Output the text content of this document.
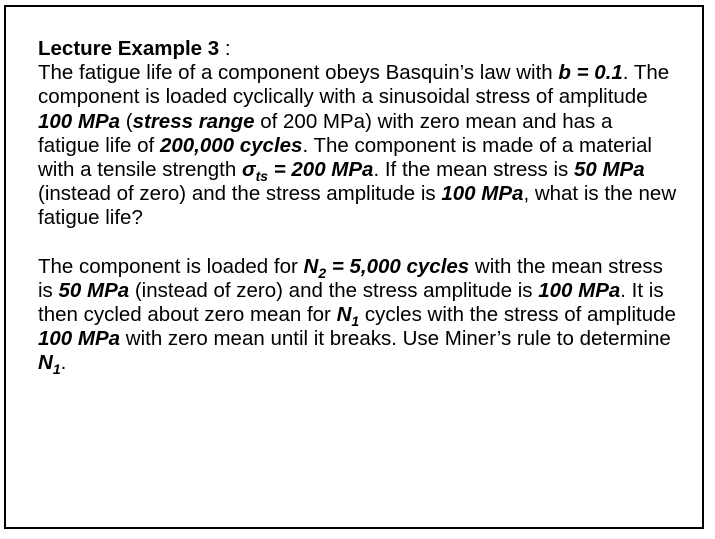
Lecture Example 3 :
The fatigue life of a component obeys Basquin’s law with b = 0.1. The component is loaded cyclically with a sinusoidal stress of amplitude 100 MPa (stress range of 200 MPa) with zero mean and has a fatigue life of 200,000 cycles. The component is made of a material with a tensile strength $\sigma_{ts} = 200$ MPa. If the mean stress is 50 MPa (instead of zero) and the stress amplitude is 100 MPa, what is the new fatigue life?

The component is loaded for $N_2 = 5,000$ cycles with the mean stress is 50 MPa (instead of zero) and the stress amplitude is 100 MPa. It is then cycled about zero mean for $N_1$ cycles with the stress of amplitude 100 MPa with zero mean until it breaks. Use Miner’s rule to determine $N_1$.
